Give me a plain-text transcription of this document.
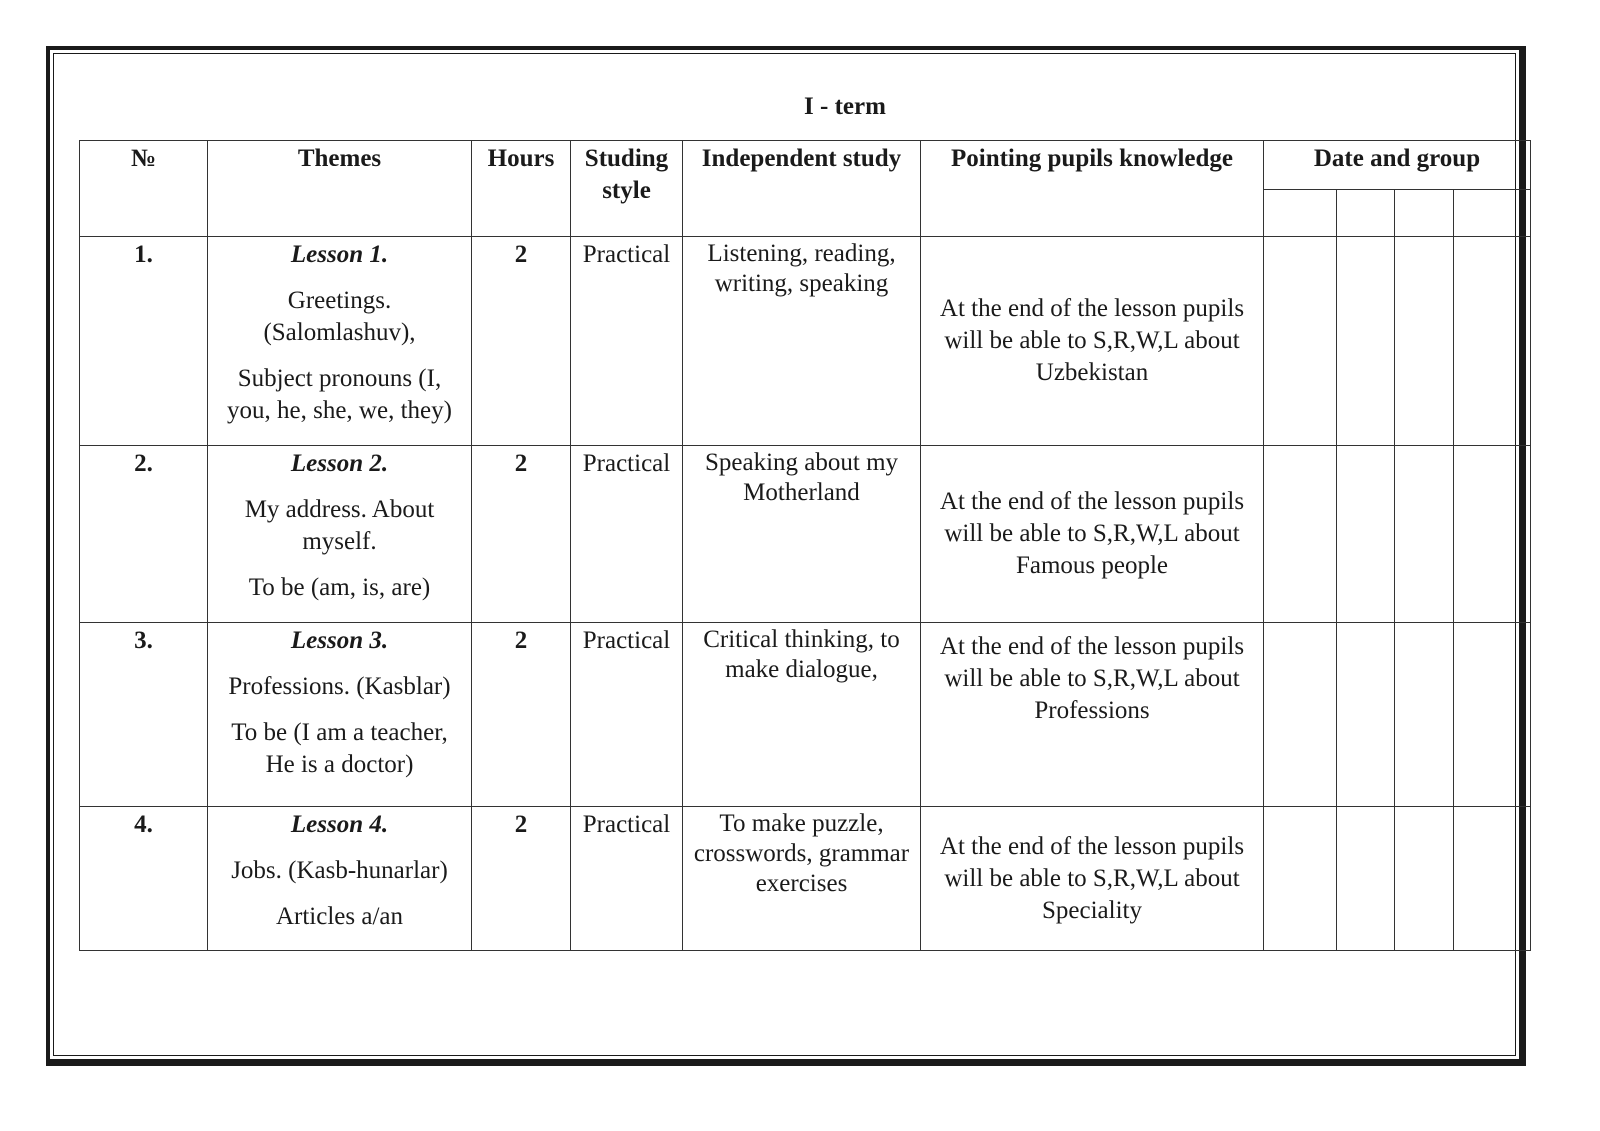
I - term
№	Themes	Hours	Studing style	Independent study	Pointing pupils knowledge	Date and group			

1.	Lesson 1.
Greetings. (Salomlashuv),
Subject pronouns (I, you, he, she, we, they)	2	Practical	Listening, reading, writing, speaking	At the end of the lesson pupils will be able to S,R,W,L about Uzbekistan				

2.	Lesson 2.
My address. About myself.
To be (am, is, are)	2	Practical	Speaking about my Motherland	At the end of the lesson pupils will be able to S,R,W,L about Famous people				

3.	Lesson 3.
Professions. (Kasblar)
To be (I am a teacher, He is a doctor)	2	Practical	Critical thinking, to make dialogue,	At the end of the lesson pupils will be able to S,R,W,L about Professions				

4.	Lesson 4.
Jobs. (Kasb-hunarlar)
Articles a/an	2	Practical	To make puzzle, crosswords, grammar exercises	At the end of the lesson pupils will be able to S,R,W,L about Speciality				
